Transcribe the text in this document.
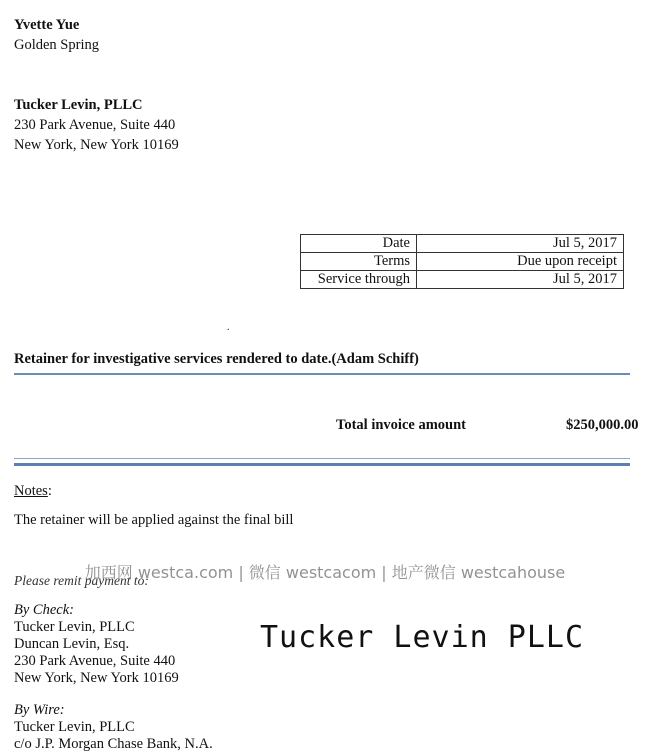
Yvette Yue
Golden Spring
Tucker Levin, PLLC
230 Park Avenue, Suite 440
New York, New York 10169
Date	Jul 5, 2017
Terms	Due upon receipt
Service through	Jul 5, 2017
.
Retainer for investigative services rendered to date.(Adam Schiff)
Total invoice amount	$250,000.00
Notes:
The retainer will be applied against the final bill
Please remit payment to:
By Check:
Tucker Levin, PLLC
Duncan Levin, Esq.
230 Park Avenue, Suite 440
New York, New York 10169
By Wire:
Tucker Levin, PLLC
c/o J.P. Morgan Chase Bank, N.A.
加西网 westca.com | 微信 westcacom | 地产微信 westcahouse
Tucker Levin PLLC
